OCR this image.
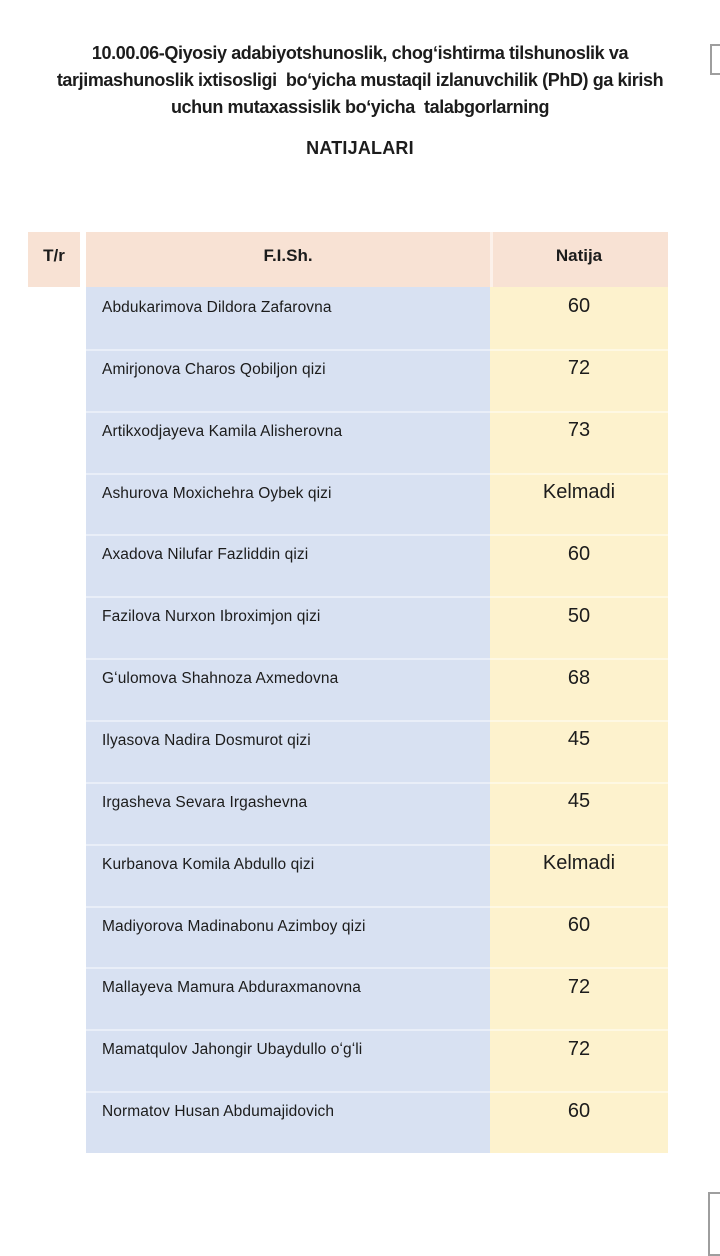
10.00.06-Qiyosiy adabiyotshunoslik, chogʻishtirma tilshunoslik va
tarjimashunoslik ixtisosligi  boʻyicha mustaqil izlanuvchilik (PhD) ga kirish
uchun mutaxassislik boʻyicha  talabgorlarning
NATIJALARI
T/r	F.I.Sh.	Natija
Abdukarimova Dildora Zafarovna	60
Amirjonova Charos Qobiljon qizi	72
Artikxodjayeva Kamila Alisherovna	73
Ashurova Moxichehra Oybek qizi	Kelmadi
Axadova Nilufar Fazliddin qizi	60
Fazilova Nurxon Ibroximjon qizi	50
Gʻulomova Shahnoza Axmedovna	68
Ilyasova Nadira Dosmurot qizi	45
Irgasheva Sevara Irgashevna	45
Kurbanova Komila Abdullo qizi	Kelmadi
Madiyorova Madinabonu Azimboy qizi	60
Mallayeva Mamura Abduraxmanovna	72
Mamatqulov Jahongir Ubaydullo oʻgʻli	72
Normatov Husan Abdumajidovich	60
